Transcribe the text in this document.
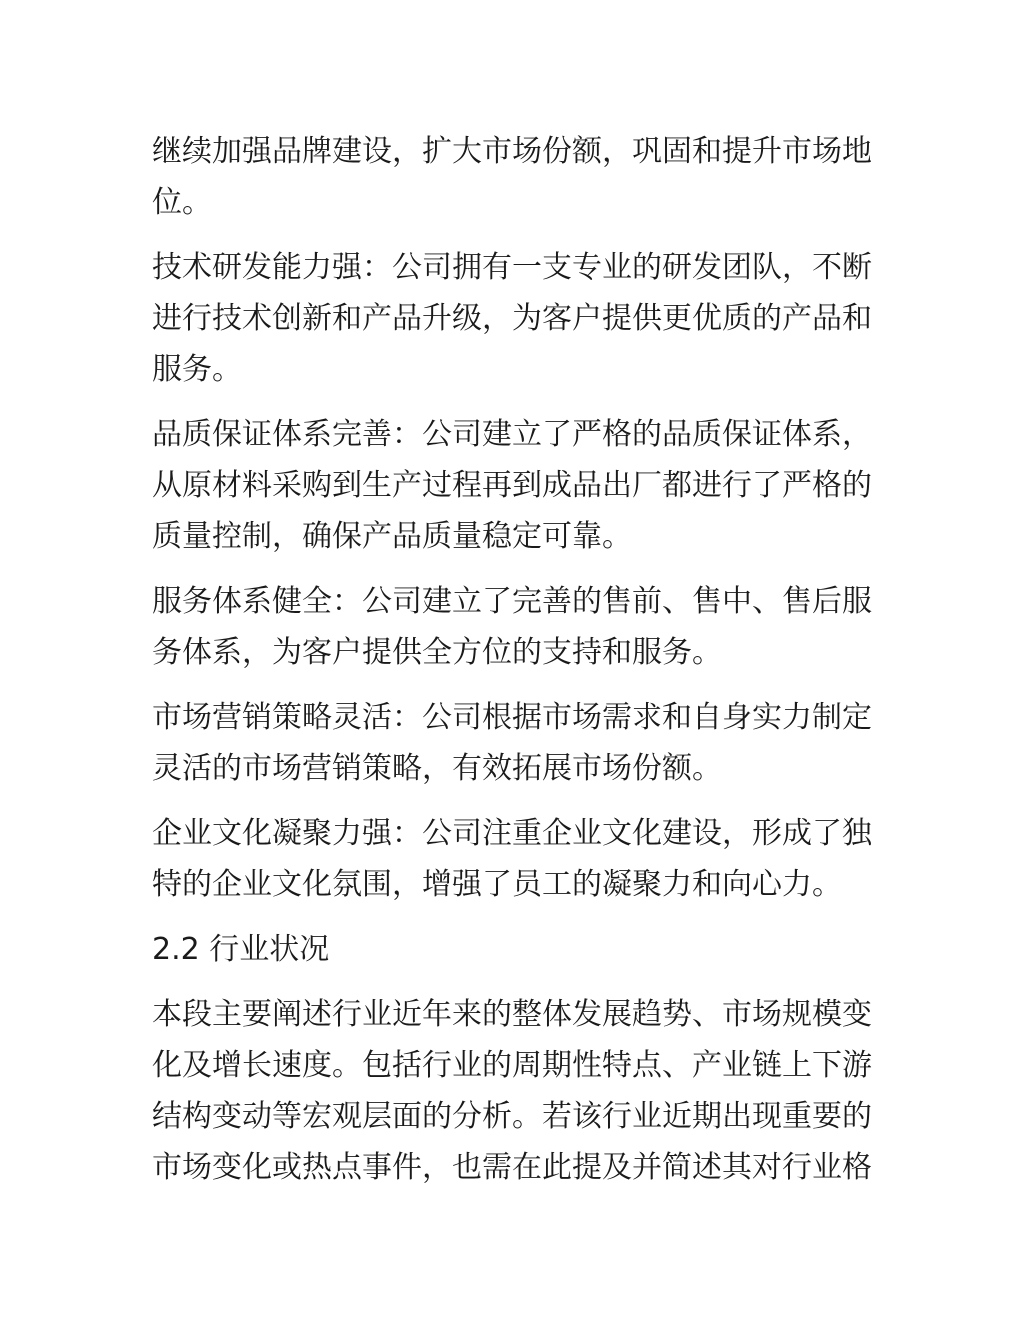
继续加强品牌建设，扩大市场份额，巩固和提升市场地位。

技术研发能力强：公司拥有一支专业的研发团队，不断进行技术创新和产品升级，为客户提供更优质的产品和服务。

品质保证体系完善：公司建立了严格的品质保证体系，从原材料采购到生产过程再到成品出厂都进行了严格的质量控制，确保产品质量稳定可靠。

服务体系健全：公司建立了完善的售前、售中、售后服务体系，为客户提供全方位的支持和服务。

市场营销策略灵活：公司根据市场需求和自身实力制定灵活的市场营销策略，有效拓展市场份额。

企业文化凝聚力强：公司注重企业文化建设，形成了独特的企业文化氛围，增强了员工的凝聚力和向心力。

2.2 行业状况

本段主要阐述行业近年来的整体发展趋势、市场规模变化及增长速度。包括行业的周期性特点、产业链上下游结构变动等宏观层面的分析。若该行业近期出现重要的市场变化或热点事件，也需在此提及并简述其对行业格
